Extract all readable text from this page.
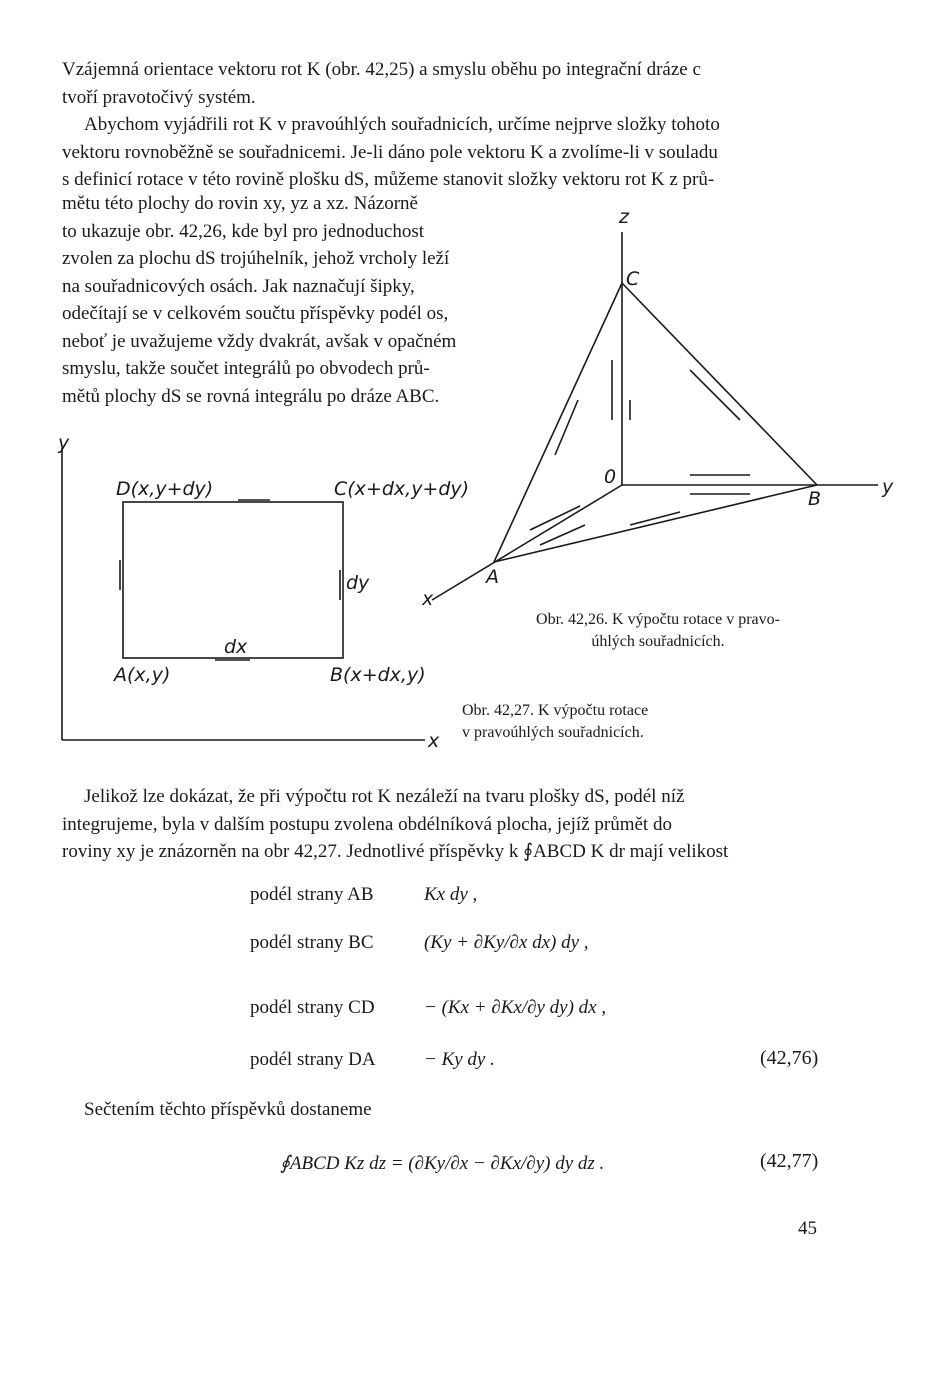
Vzájemná orientace vektoru rot K (obr. 42,25) a smyslu oběhu po integrační dráze c
tvoří pravotočivý systém.
Abychom vyjádřili rot K v pravoúhlých souřadnicích, určíme nejprve složky tohoto
vektoru rovnoběžně se souřadnicemi. Je-li dáno pole vektoru K a zvolíme-li v souladu
s definicí rotace v této rovině plošku dS, můžeme stanovit složky vektoru rot K z prů-
mětu této plochy do rovin xy, yz a xz. Názorně
to ukazuje obr. 42,26, kde byl pro jednoduchost
zvolen za plochu dS trojúhelník, jehož vrcholy leží
na souřadnicových osách. Jak naznačují šipky,
odečítají se v celkovém součtu příspěvky podél os,
neboť je uvažujeme vždy dvakrát, avšak v opačném
smyslu, takže součet integrálů po obvodech prů-
mětů plochy dS se rovná integrálu po dráze ABC.
z
C
0	y
B
A
x
Obr. 42,26. K výpočtu rotace v pravo-
úhlých souřadnicích.
y
D(x,y+dy)	C(x+dx,y+dy)
dy
dx
A(x,y)	B(x+dx,y)
x
Obr. 42,27. K výpočtu rotace
v pravoúhlých souřadnicích.
Jelikož lze dokázat, že při výpočtu rot K nezáleží na tvaru plošky dS, podél níž
integrujeme, byla v dalším postupu zvolena obdélníková plocha, jejíž průmět do
roviny xy je znázorněn na obr 42,27. Jednotlivé příspěvky k ∮ABCD K dr mají velikost
podél strany AB	Kx dy ,
podél strany BC	(Ky + ∂Ky/∂x dx) dy ,
podél strany CD	− (Kx + ∂Kx/∂y dy) dx ,
podél strany DA	− Ky dy .	(42,76)
Sečtením těchto příspěvků dostaneme
∮ABCD Kz dz = (∂Ky/∂x − ∂Kx/∂y) dy dz .	(42,77)
45
